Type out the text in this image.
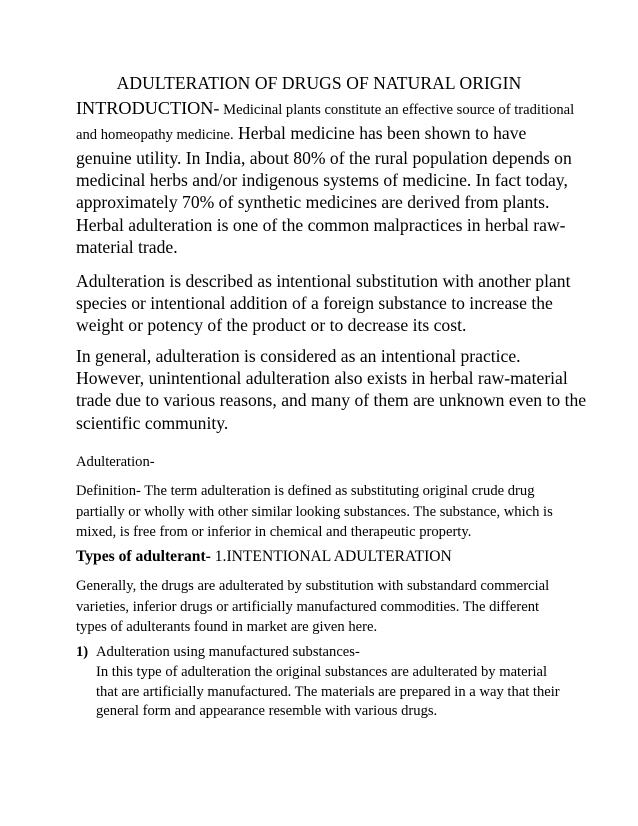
ADULTERATION OF DRUGS OF NATURAL ORIGIN
INTRODUCTION- Medicinal plants constitute an effective source of traditional
and homeopathy medicine. Herbal medicine has been shown to have
genuine utility. In India, about 80% of the rural population depends on
medicinal herbs and/or indigenous systems of medicine. In fact today,
approximately 70% of synthetic medicines are derived from plants.
Herbal adulteration is one of the common malpractices in herbal raw-
material trade.
Adulteration is described as intentional substitution with another plant
species or intentional addition of a foreign substance to increase the
weight or potency of the product or to decrease its cost.
In general, adulteration is considered as an intentional practice.
However, unintentional adulteration also exists in herbal raw-material
trade due to various reasons, and many of them are unknown even to the
scientific community.
Adulteration-
Definition- The term adulteration is defined as substituting original crude drug
partially or wholly with other similar looking substances. The substance, which is
mixed, is free from or inferior in chemical and therapeutic property.
Types of adulterant- 1.INTENTIONAL ADULTERATION
Generally, the drugs are adulterated by substitution with substandard commercial
varieties, inferior drugs or artificially manufactured commodities. The different
types of adulterants found in market are given here.
1) Adulteration using manufactured substances-
In this type of adulteration the original substances are adulterated by material
that are artificially manufactured. The materials are prepared in a way that their
general form and appearance resemble with various drugs.
